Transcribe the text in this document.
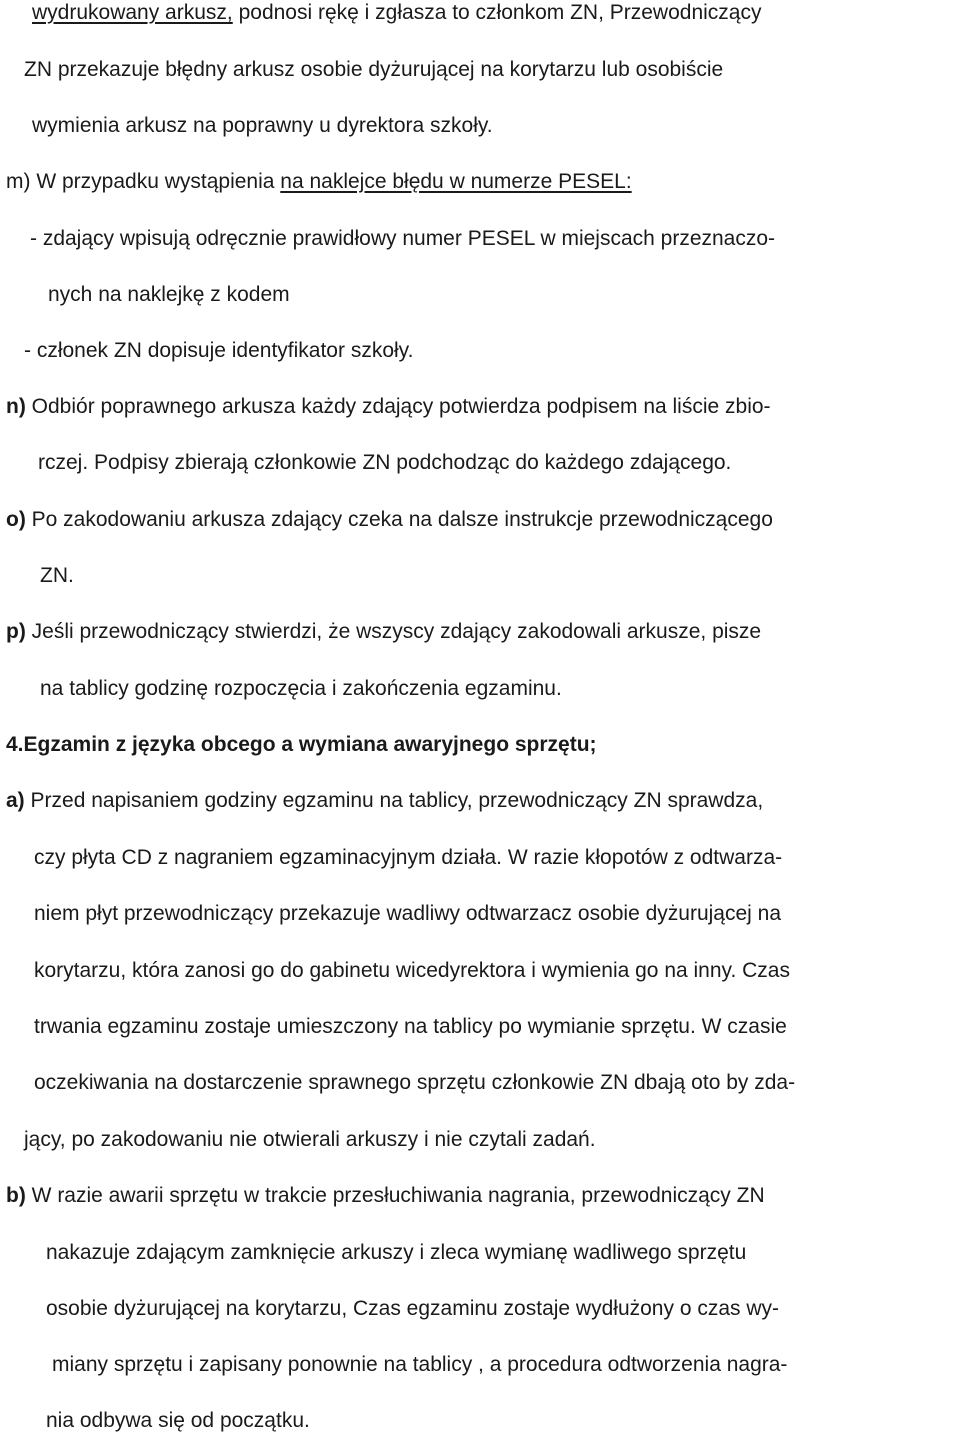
wydrukowany arkusz, podnosi rękę i zgłasza to członkom ZN, Przewodniczący
ZN przekazuje błędny arkusz osobie dyżurującej na korytarzu lub osobiście
wymienia arkusz na poprawny u dyrektora szkoły.
m) W przypadku wystąpienia na naklejce błędu w numerze PESEL:
- zdający wpisują odręcznie prawidłowy numer PESEL w miejscach przeznaczo-
nych na naklejkę z kodem
- członek ZN dopisuje identyfikator szkoły.
n) Odbiór poprawnego arkusza każdy zdający potwierdza podpisem na liście zbio-
rczej. Podpisy zbierają członkowie ZN podchodząc do każdego zdającego.
o) Po zakodowaniu arkusza zdający czeka na dalsze instrukcje przewodniczącego
ZN.
p) Jeśli przewodniczący stwierdzi, że wszyscy zdający zakodowali arkusze, pisze
na tablicy godzinę rozpoczęcia i zakończenia egzaminu.
4.Egzamin z języka obcego a wymiana awaryjnego sprzętu;
a) Przed napisaniem godziny egzaminu na tablicy, przewodniczący ZN sprawdza,
czy płyta CD z nagraniem egzaminacyjnym działa. W razie kłopotów z odtwarza-
niem płyt przewodniczący przekazuje wadliwy odtwarzacz osobie dyżurującej na
korytarzu, która zanosi go do gabinetu wicedyrektora i wymienia go na inny. Czas
trwania egzaminu zostaje umieszczony na tablicy po wymianie sprzętu. W czasie
oczekiwania na dostarczenie sprawnego sprzętu członkowie ZN dbają oto by zda-
jący, po zakodowaniu nie otwierali arkuszy i nie czytali zadań.
b) W razie awarii sprzętu w trakcie przesłuchiwania nagrania, przewodniczący ZN
nakazuje zdającym zamknięcie arkuszy i zleca wymianę wadliwego sprzętu
osobie dyżurującej na korytarzu, Czas egzaminu zostaje wydłużony o czas wy-
miany sprzętu i zapisany ponownie na tablicy , a procedura odtworzenia nagra-
nia odbywa się od początku.
